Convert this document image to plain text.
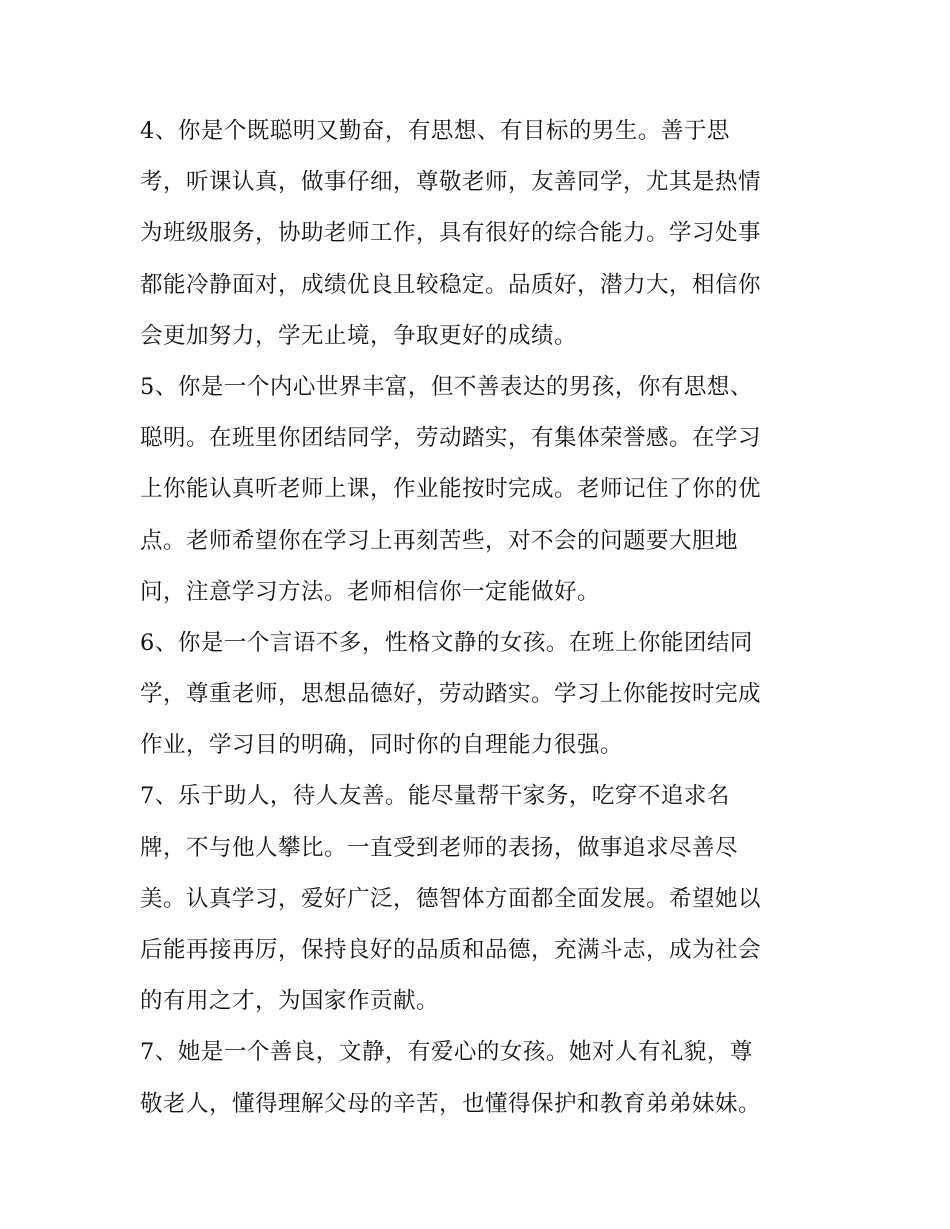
4、你是个既聪明又勤奋，有思想、有目标的男生。善于思
考，听课认真，做事仔细，尊敬老师，友善同学，尤其是热情
为班级服务，协助老师工作，具有很好的综合能力。学习处事
都能冷静面对，成绩优良且较稳定。品质好，潜力大，相信你
会更加努力，学无止境，争取更好的成绩。
5、你是一个内心世界丰富，但不善表达的男孩，你有思想、
聪明。在班里你团结同学，劳动踏实，有集体荣誉感。在学习
上你能认真听老师上课，作业能按时完成。老师记住了你的优
点。老师希望你在学习上再刻苦些，对不会的问题要大胆地
问，注意学习方法。老师相信你一定能做好。
6、你是一个言语不多，性格文静的女孩。在班上你能团结同
学，尊重老师，思想品德好，劳动踏实。学习上你能按时完成
作业，学习目的明确，同时你的自理能力很强。
7、乐于助人，待人友善。能尽量帮干家务，吃穿不追求名
牌，不与他人攀比。一直受到老师的表扬，做事追求尽善尽
美。认真学习，爱好广泛，德智体方面都全面发展。希望她以
后能再接再厉，保持良好的品质和品德，充满斗志，成为社会
的有用之才，为国家作贡献。
7、她是一个善良，文静，有爱心的女孩。她对人有礼貌，尊
敬老人，懂得理解父母的辛苦，也懂得保护和教育弟弟妹妹。
